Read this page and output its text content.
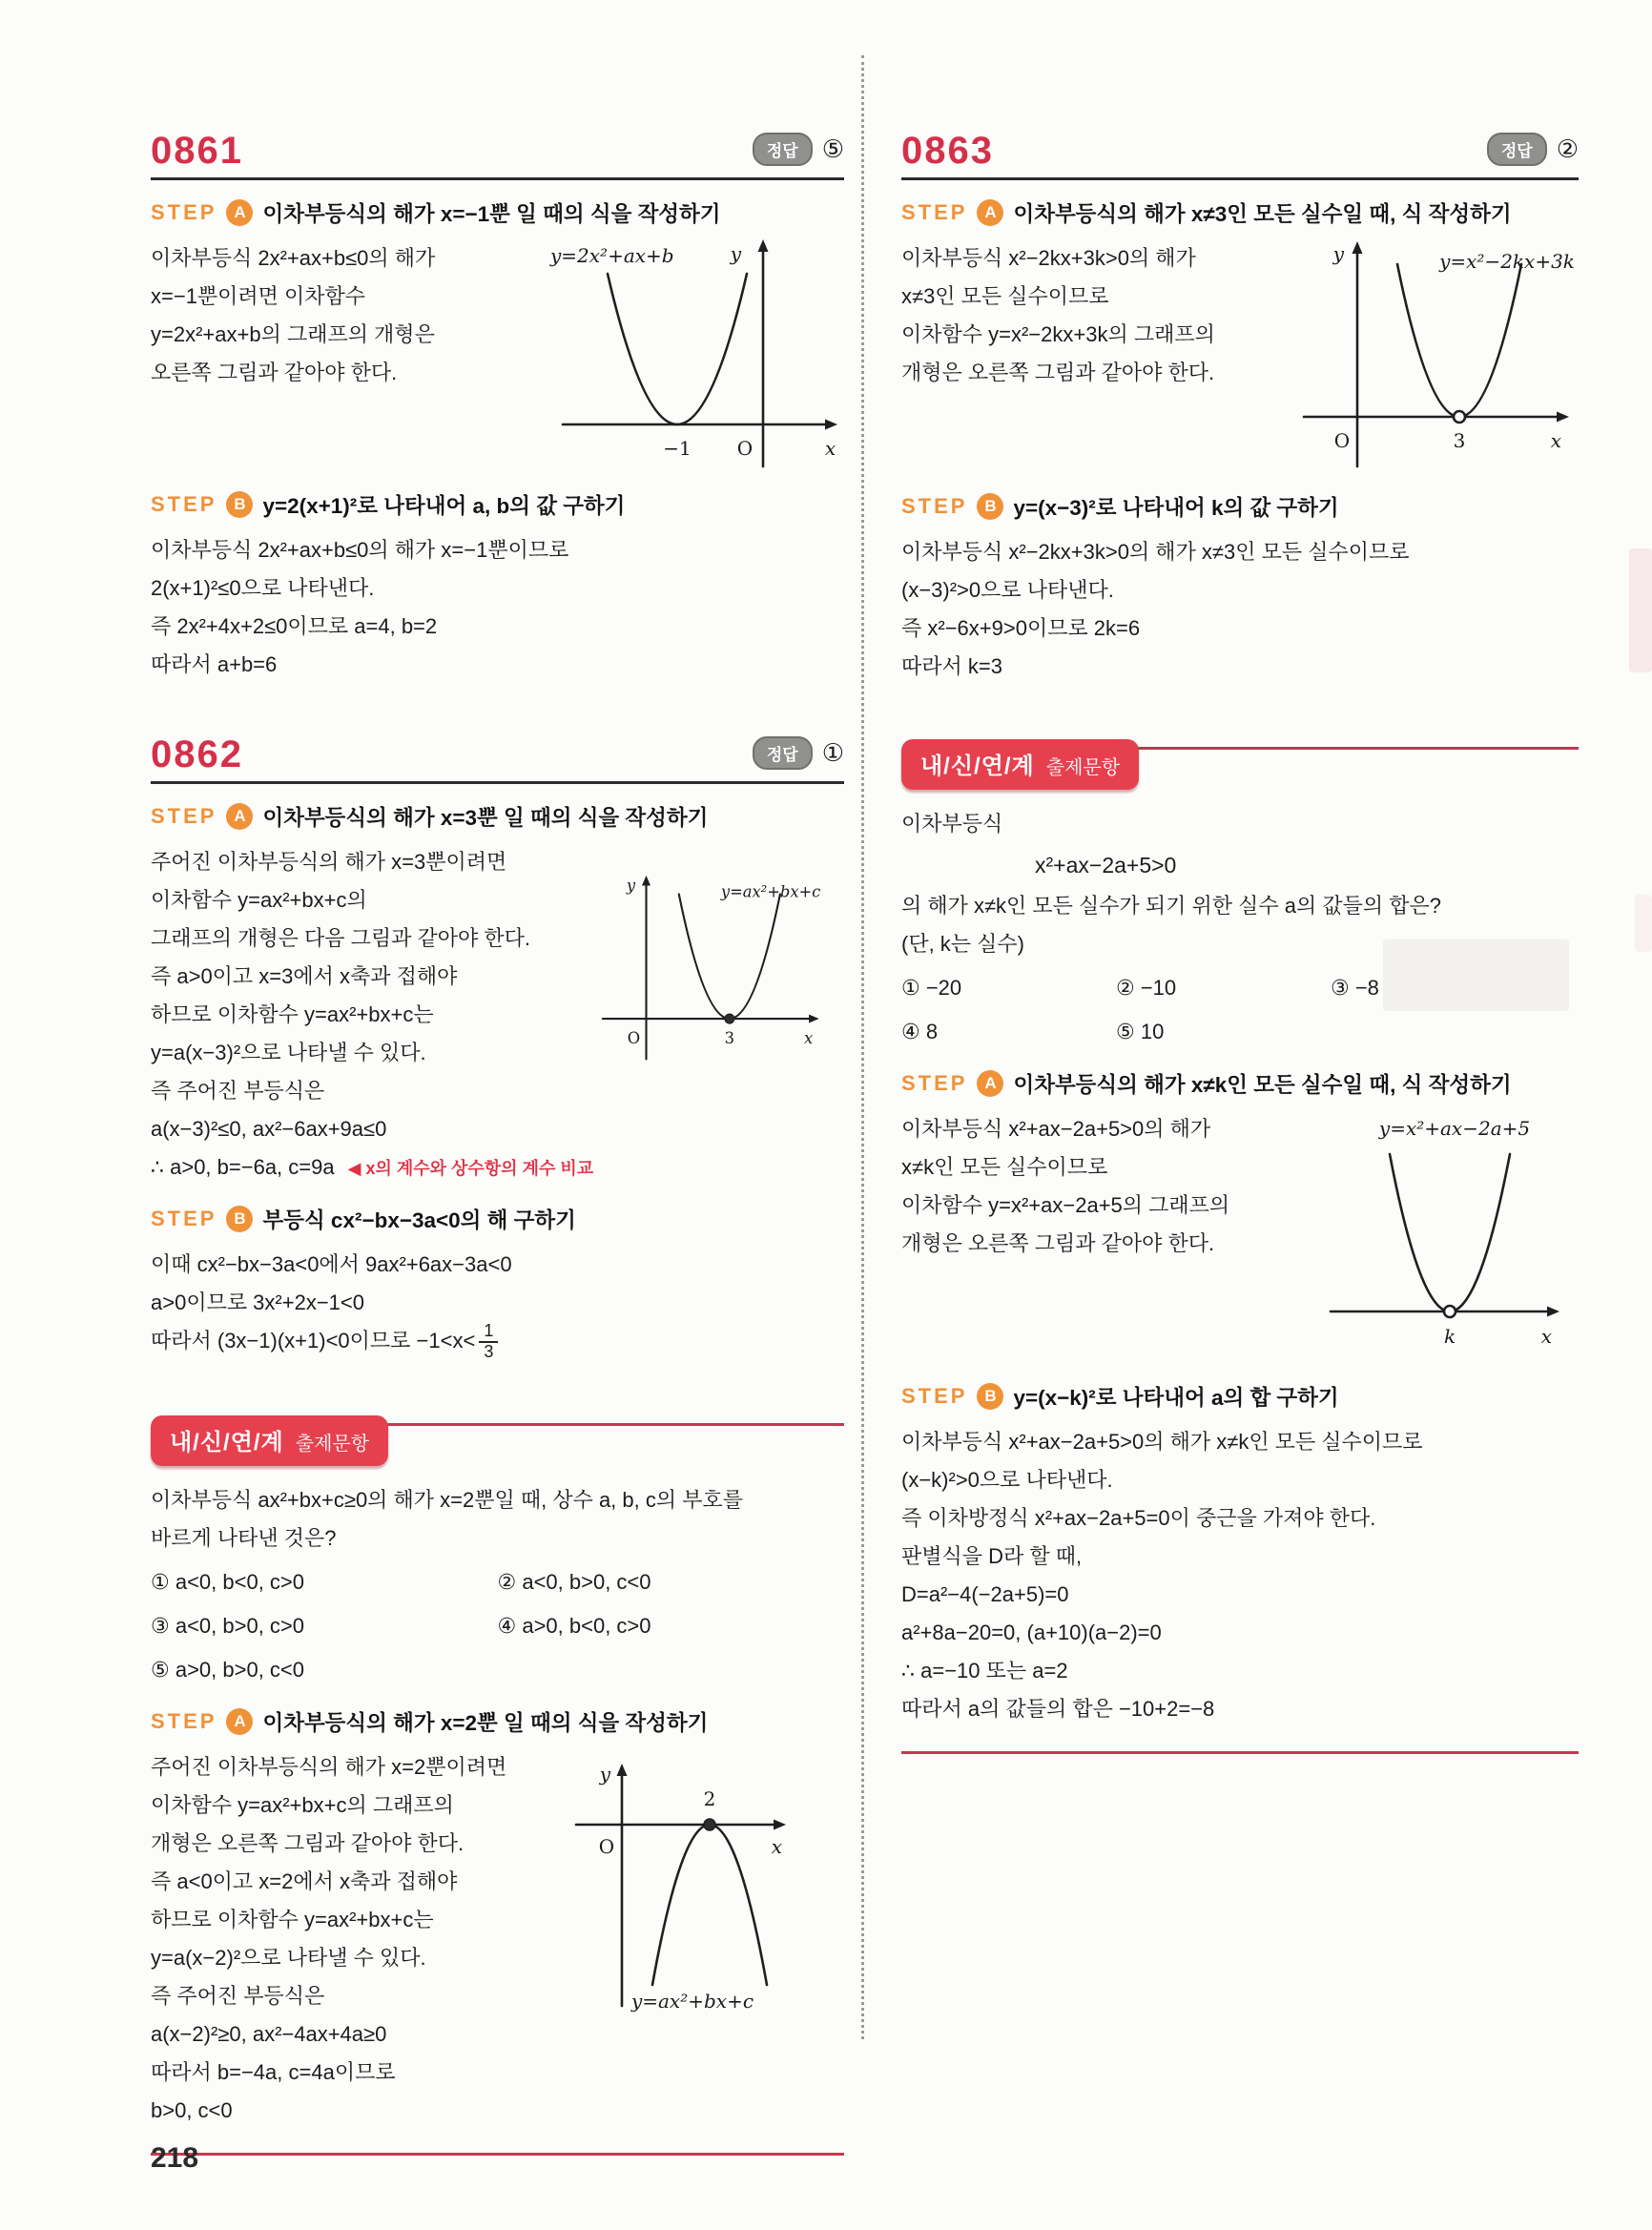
0861	정답 ⑤
STEP	A 이차부등식의 해가 x=−1뿐 일 때의 식을 작성하기
이차부등식 2x²+ax+b≤0의 해가
x=−1뿐이려면 이차함수
y=2x²+ax+b의 그래프의 개형은
오른쪽 그림과 같아야 한다.
y=2x²+ax+b	y
x
−1 O
STEP	B y=2(x+1)²로 나타내어 a, b의 값 구하기
이차부등식 2x²+ax+b≤0의 해가 x=−1뿐이므로
2(x+1)²≤0으로 나타낸다.
즉 2x²+4x+2≤0이므로 a=4, b=2
따라서 a+b=6
0862	정답 ①
STEP	A 이차부등식의 해가 x=3뿐 일 때의 식을 작성하기
주어진 이차부등식의 해가 x=3뿐이려면
이차함수 y=ax²+bx+c의
그래프의 개형은 다음 그림과 같아야 한다.
즉 a>0이고 x=3에서 x축과 접해야
하므로 이차함수 y=ax²+bx+c는
y=a(x−3)²으로 나타낼 수 있다.
즉 주어진 부등식은
a(x−3)²≤0, ax²−6ax+9a≤0
∴ a>0, b=−6a, c=9a ◀ x의 계수와 상수항의 계수 비교
y=ax²+bx+c
y
O	3	x
STEP	B 부등식 cx²−bx−3a<0의 해 구하기
이때 cx²−bx−3a<0에서 9ax²+6ax−3a<0
a>0이므로 3x²+2x−1<0
따라서 (3x−1)(x+1)<0이므로 $-1<x< \frac{1}{3}$
내/신/연/계 출제문항
이차부등식 ax²+bx+c≥0의 해가 x=2뿐일 때, 상수 a, b, c의 부호를
바르게 나타낸 것은?
① a<0, b<0, c>0	② a<0, b>0, c<0
③ a<0, b>0, c>0	④ a>0, b<0, c>0
⑤ a>0, b>0, c<0
STEP	A 이차부등식의 해가 x=2뿐 일 때의 식을 작성하기
주어진 이차부등식의 해가 x=2뿐이려면
이차함수 y=ax²+bx+c의 그래프의
개형은 오른쪽 그림과 같아야 한다.
즉 a<0이고 x=2에서 x축과 접해야
하므로 이차함수 y=ax²+bx+c는
y=a(x−2)²으로 나타낼 수 있다.
즉 주어진 부등식은
a(x−2)²≥0, ax²−4ax+4a≥0
따라서 b=−4a, c=4a이므로
b>0, c<0
2
y
O	x
y=ax²+bx+c
0863	정답 ②
STEP	A 이차부등식의 해가 x≠3인 모든 실수일 때, 식 작성하기
이차부등식 x²−2kx+3k>0의 해가
x≠3인 모든 실수이므로
이차함수 y=x²−2kx+3k의 그래프의
개형은 오른쪽 그림과 같아야 한다.
y=x²−2kx+3k
y
O	3	x
STEP	B y=(x−3)²로 나타내어 k의 값 구하기
이차부등식 x²−2kx+3k>0의 해가 x≠3인 모든 실수이므로
(x−3)²>0으로 나타낸다.
즉 x²−6x+9>0이므로 2k=6
따라서 k=3
내/신/연/계 출제문항
이차부등식
x²+ax−2a+5>0
의 해가 x≠k인 모든 실수가 되기 위한 실수 a의 값들의 합은?
(단, k는 실수)
① −20	② −10	③ −8
④ 8	⑤ 10
STEP	A 이차부등식의 해가 x≠k인 모든 실수일 때, 식 작성하기
이차부등식 x²+ax−2a+5>0의 해가
x≠k인 모든 실수이므로
이차함수 y=x²+ax−2a+5의 그래프의
개형은 오른쪽 그림과 같아야 한다.
y=x²+ax−2a+5
k	x
STEP	B y=(x−k)²로 나타내어 a의 합 구하기
이차부등식 x²+ax−2a+5>0의 해가 x≠k인 모든 실수이므로
(x−k)²>0으로 나타낸다.
즉 이차방정식 x²+ax−2a+5=0이 중근을 가져야 한다.
판별식을 D라 할 때,
D=a²−4(−2a+5)=0
a²+8a−20=0, (a+10)(a−2)=0
∴ a=−10 또는 a=2
따라서 a의 값들의 합은 −10+2=−8
218
